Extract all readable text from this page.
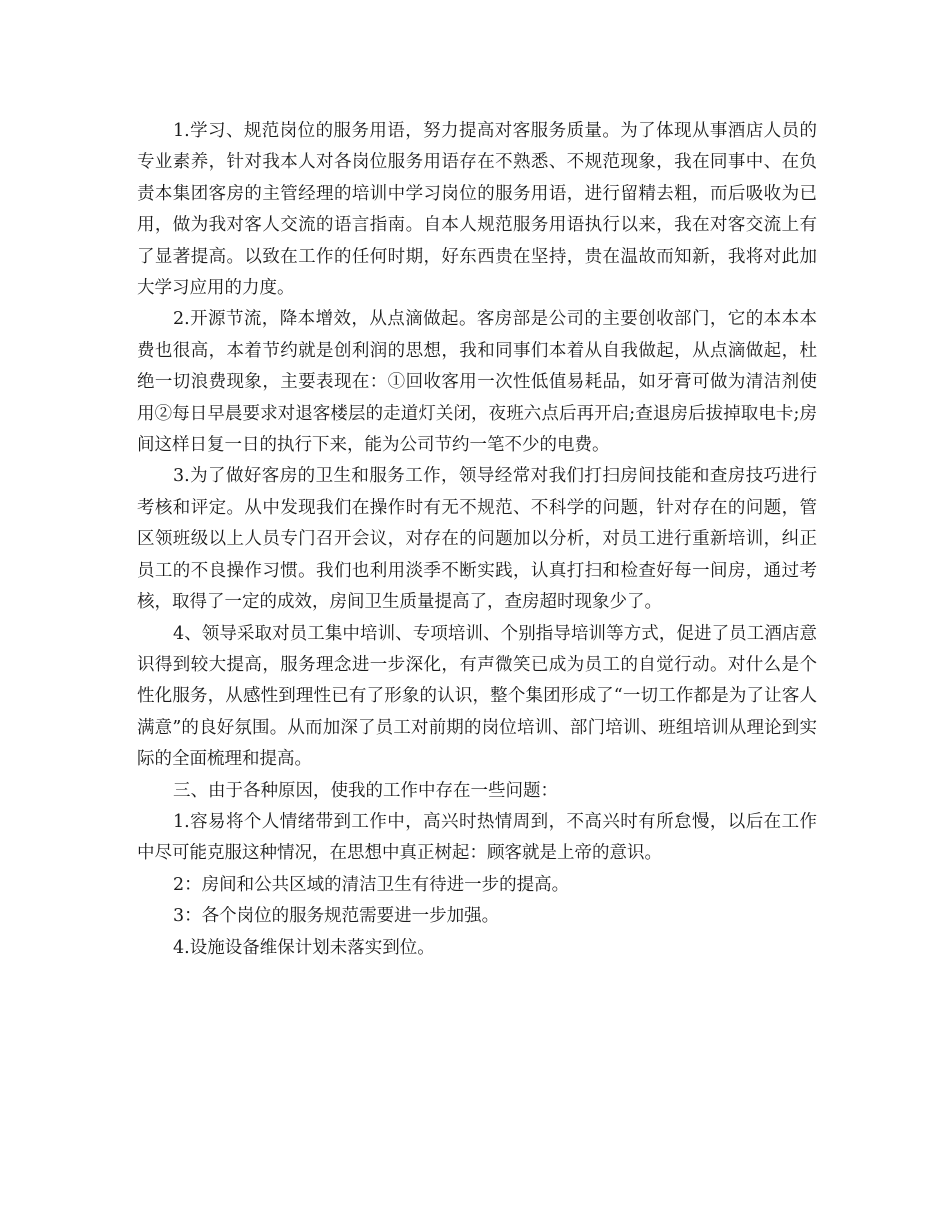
1.学习、规范岗位的服务用语，努力提高对客服务质量。为了体现从事酒店人员的专业素养，针对我本人对各岗位服务用语存在不熟悉、不规范现象，我在同事中、在负责本集团客房的主管经理的培训中学习岗位的服务用语，进行留精去粗，而后吸收为已用，做为我对客人交流的语言指南。自本人规范服务用语执行以来，我在对客交流上有了显著提高。以致在工作的任何时期，好东西贵在坚持，贵在温故而知新，我将对此加大学习应用的力度。

2.开源节流，降本增效，从点滴做起。客房部是公司的主要创收部门，它的本本本费也很高，本着节约就是创利润的思想，我和同事们本着从自我做起，从点滴做起，杜绝一切浪费现象，主要表现在：①回收客用一次性低值易耗品，如牙膏可做为清洁剂使用②每日早晨要求对退客楼层的走道灯关闭，夜班六点后再开启;查退房后拔掉取电卡;房间这样日复一日的执行下来，能为公司节约一笔不少的电费。

3.为了做好客房的卫生和服务工作，领导经常对我们打扫房间技能和查房技巧进行考核和评定。从中发现我们在操作时有无不规范、不科学的问题，针对存在的问题，管区领班级以上人员专门召开会议，对存在的问题加以分析，对员工进行重新培训，纠正员工的不良操作习惯。我们也利用淡季不断实践，认真打扫和检查好每一间房，通过考核，取得了一定的成效，房间卫生质量提高了，查房超时现象少了。

4、领导采取对员工集中培训、专项培训、个别指导培训等方式，促进了员工酒店意识得到较大提高，服务理念进一步深化，有声微笑已成为员工的自觉行动。对什么是个性化服务，从感性到理性已有了形象的认识，整个集团形成了“一切工作都是为了让客人满意”的良好氛围。从而加深了员工对前期的岗位培训、部门培训、班组培训从理论到实际的全面梳理和提高。

三、由于各种原因，使我的工作中存在一些问题：

1.容易将个人情绪带到工作中，高兴时热情周到，不高兴时有所怠慢，以后在工作中尽可能克服这种情况，在思想中真正树起：顾客就是上帝的意识。

2：房间和公共区域的清洁卫生有待进一步的提高。

3：各个岗位的服务规范需要进一步加强。

4.设施设备维保计划未落实到位。
